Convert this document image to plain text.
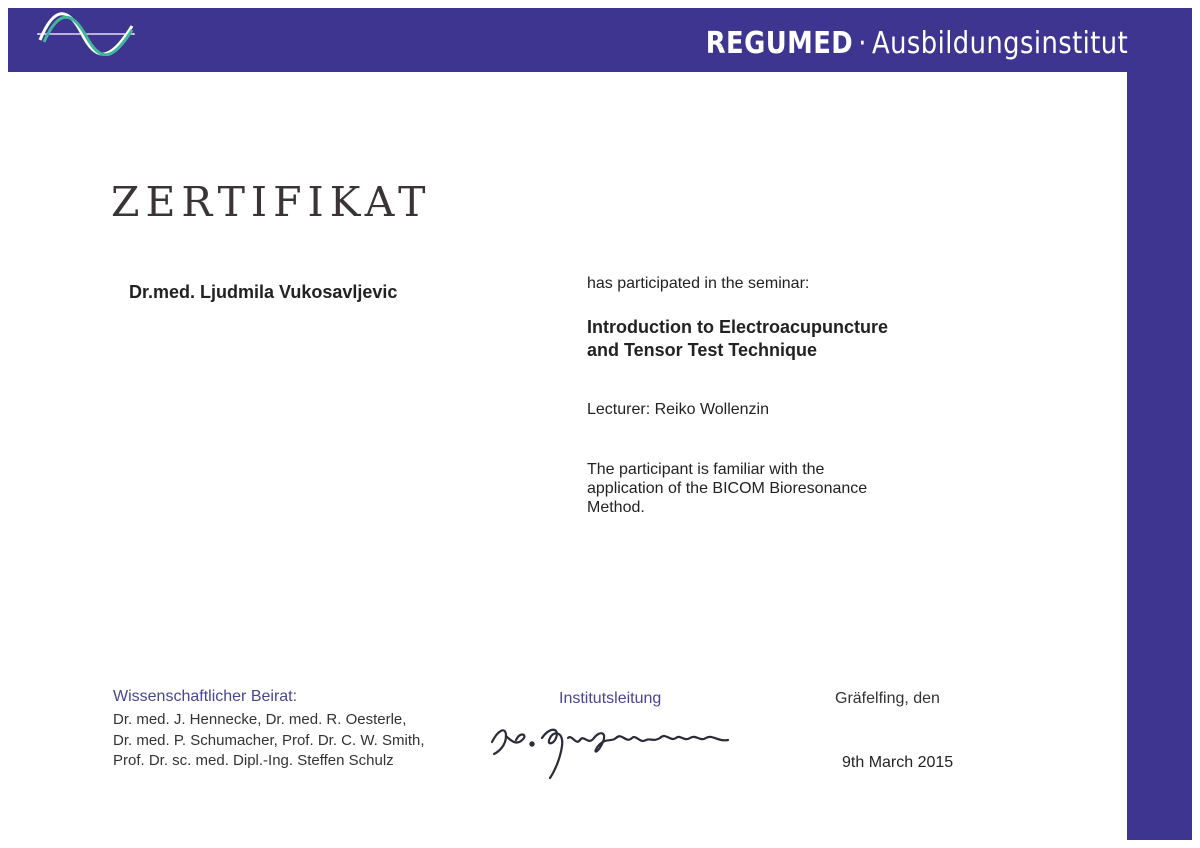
REGUMED · Ausbildungsinstitut
ZERTIFIKAT
Dr.med. Ljudmila Vukosavljevic	has participated in the seminar:
Introduction to Electroacupuncture
and Tensor Test Technique
Lecturer: Reiko Wollenzin
The participant is familiar with the
application of the BICOM Bioresonance
Method.
Wissenschaftlicher Beirat:
Dr. med. J. Hennecke, Dr. med. R. Oesterle,
Dr. med. P. Schumacher, Prof. Dr. C. W. Smith,
Prof. Dr. sc. med. Dipl.-Ing. Steffen Schulz
Institutsleitung	Gräfelfing, den
9th March 2015
